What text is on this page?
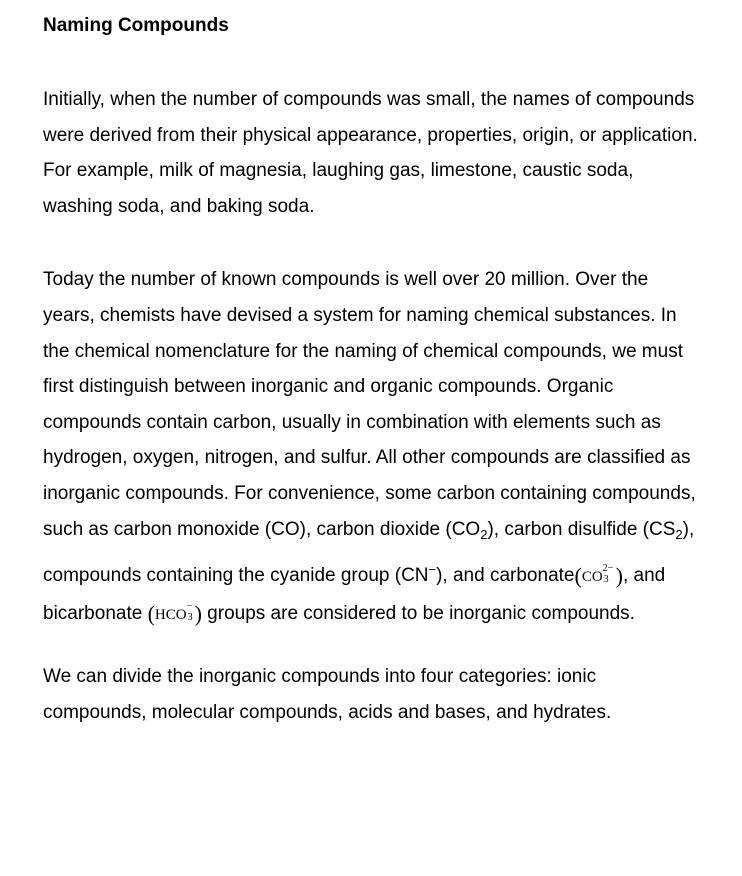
Naming Compounds

Initially, when the number of compounds was small, the names of compounds were derived from their physical appearance, properties, origin, or application. For example, milk of magnesia, laughing gas, limestone, caustic soda, washing soda, and baking soda.

Today the number of known compounds is well over 20 million. Over the years, chemists have devised a system for naming chemical substances. In the chemical nomenclature for the naming of chemical compounds, we must first distinguish between inorganic and organic compounds. Organic compounds contain carbon, usually in combination with elements such as hydrogen, oxygen, nitrogen, and sulfur. All other compounds are classified as inorganic compounds. For convenience, some carbon containing compounds, such as carbon monoxide (CO), carbon dioxide $(CO_2)$, carbon disulfide $(CS_2)$, compounds containing the cyanide group (CN−), and carbonate(CO
2−
3 ), and bicarbonate (HCO
−
3 ) groups are considered to be inorganic compounds.

We can divide the inorganic compounds into four categories: ionic compounds, molecular compounds, acids and bases, and hydrates.
